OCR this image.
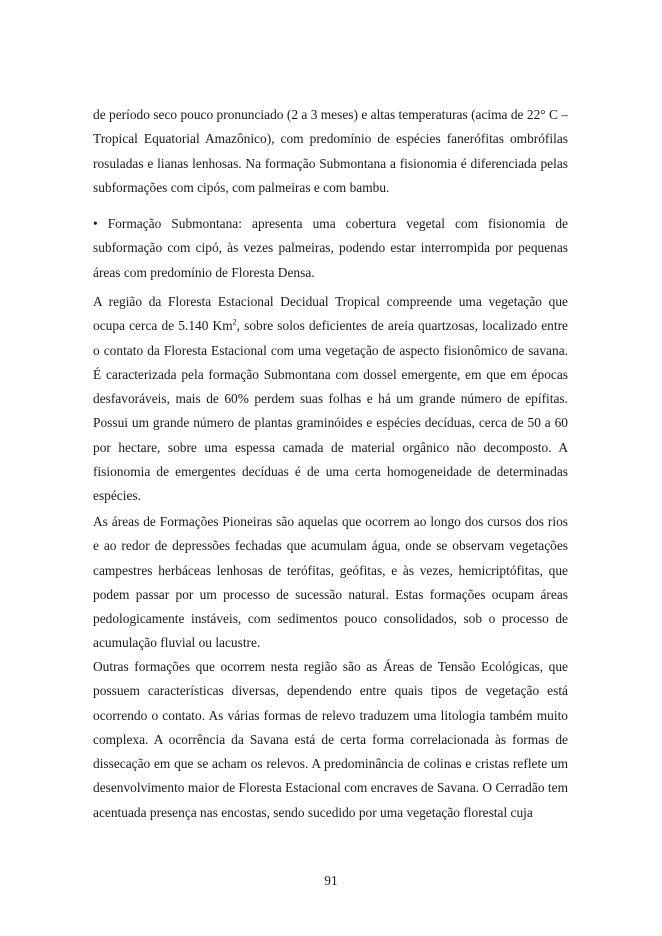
de período seco pouco pronunciado (2 a 3 meses) e altas temperaturas (acima de 22° C – Tropical Equatorial Amazônico), com predomínio de espécies fanerófitas ombrófilas rosuladas e lianas lenhosas. Na formação Submontana a fisionomia é diferenciada pelas subformações com cipós, com palmeiras e com bambu.

• Formação Submontana: apresenta uma cobertura vegetal com fisionomia de subformação com cipó, às vezes palmeiras, podendo estar interrompida por pequenas áreas com predomínio de Floresta Densa.

A região da Floresta Estacional Decidual Tropical compreende uma vegetação que ocupa cerca de 5.140 Km$^2$, sobre solos deficientes de areia quartzosas, localizado entre o contato da Floresta Estacional com uma vegetação de aspecto fisionômico de savana. É caracterizada pela formação Submontana com dossel emergente, em que em épocas desfavoráveis, mais de 60% perdem suas folhas e há um grande número de epífitas. Possui um grande número de plantas graminóides e espécies decíduas, cerca de 50 a 60 por hectare, sobre uma espessa camada de material orgânico não decomposto. A fisionomia de emergentes decíduas é de uma certa homogeneidade de determinadas espécies.

As áreas de Formações Pioneiras são aquelas que ocorrem ao longo dos cursos dos rios e ao redor de depressões fechadas que acumulam água, onde se observam vegetações campestres herbáceas lenhosas de terófitas, geófitas, e às vezes, hemicriptófitas, que podem passar por um processo de sucessão natural. Estas formações ocupam áreas pedologicamente instáveis, com sedimentos pouco consolidados, sob o processo de acumulação fluvial ou lacustre.

Outras formações que ocorrem nesta região são as Áreas de Tensão Ecológicas, que possuem características diversas, dependendo entre quais tipos de vegetação está ocorrendo o contato. As várias formas de relevo traduzem uma litologia também muito complexa. A ocorrência da Savana está de certa forma correlacionada às formas de dissecação em que se acham os relevos. A predominância de colinas e cristas reflete um desenvolvimento maior de Floresta Estacional com encraves de Savana. O Cerradão tem acentuada presença nas encostas, sendo sucedido por uma vegetação florestal cuja

91
